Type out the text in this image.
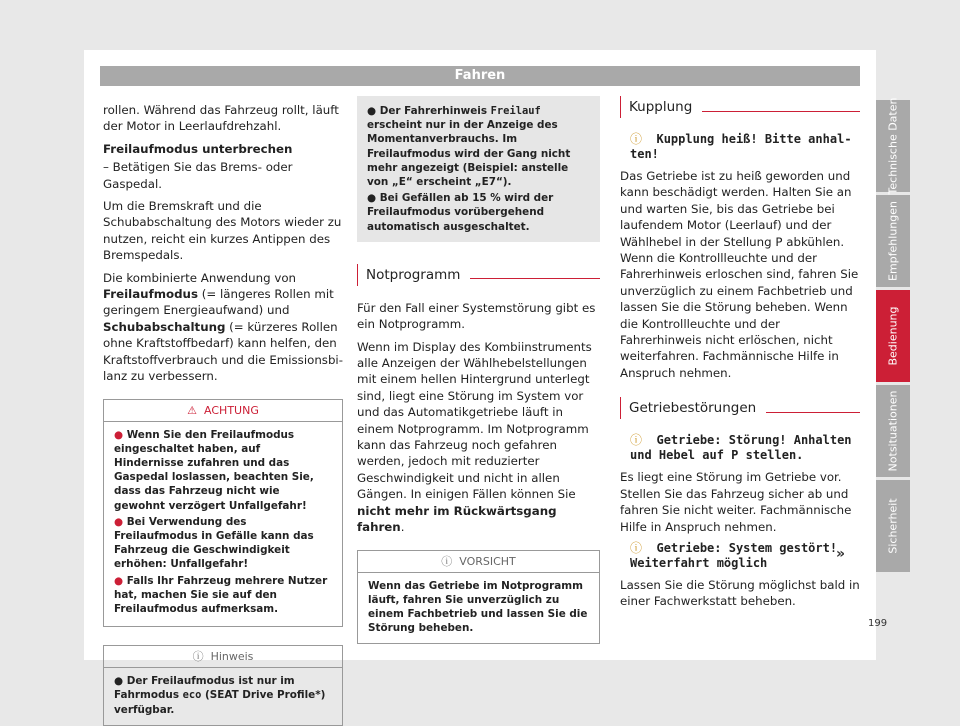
Fahren

rollen. Während das Fahrzeug rollt, läuft der Motor in Leerlaufdrehzahl.

Freilaufmodus unterbrechen

– Betätigen Sie das Brems- oder Gaspedal.

Um die Bremskraft und die Schubabschaltung des Motors wieder zu nutzen, reicht ein kurzes Antippen des Bremspedals.

Die kombinierte Anwendung von Freilaufmodus (= längeres Rollen mit geringem Energieaufwand) und Schubabschaltung (= kürzeres Rollen ohne Kraftstoffbedarf) kann helfen, den Kraftstoffverbrauch und die Emissionsbilanz zu verbessern.

⚠ ACHTUNG
● Wenn Sie den Freilaufmodus eingeschaltet haben, auf Hindernisse zufahren und das Gaspedal loslassen, beachten Sie, dass das Fahrzeug nicht wie gewohnt verzögert Unfallgefahr!
● Bei Verwendung des Freilaufmodus in Gefälle kann das Fahrzeug die Geschwindigkeit erhöhen: Unfallgefahr!
● Falls Ihr Fahrzeug mehrere Nutzer hat, machen Sie sie auf den Freilaufmodus aufmerksam.
ⓘ Hinweis
● Der Freilaufmodus ist nur im Fahrmodus eco (SEAT Drive Profile*) verfügbar.
● Der Fahrerhinweis Freilauf erscheint nur in der Anzeige des Momentanverbrauchs. Im Freilaufmodus wird der Gang nicht mehr angezeigt (Beispiel: anstelle von „E“ erscheint „E7“).
● Bei Gefällen ab 15 % wird der Freilaufmodus vorübergehend automatisch ausgeschaltet.
Notprogramm

Für den Fall einer Systemstörung gibt es ein Notprogramm.

Wenn im Display des Kombiinstruments alle Anzeigen der Wählhebelstellungen mit einem hellen Hintergrund unterlegt sind, liegt eine Störung im System vor und das Automatikgetriebe läuft in einem Notprogramm. Im Notprogramm kann das Fahrzeug noch gefahren werden, jedoch mit reduzierter Geschwindigkeit und nicht in allen Gängen. In einigen Fällen können Sie nicht mehr im Rückwärtsgang fahren.

ⓘ VORSICHT
Wenn das Getriebe im Notprogramm läuft, fahren Sie unverzüglich zu einem Fachbetrieb und lassen Sie die Störung beheben.
Kupplung
ⓘ Kupplung heiß! Bitte anhalten!

Das Getriebe ist zu heiß geworden und kann beschädigt werden. Halten Sie an und warten Sie, bis das Getriebe bei laufendem Motor (Leerlauf) und der Wählhebel in der Stellung P abkühlen. Wenn die Kontrollleuchte und der Fahrerhinweis erloschen sind, fahren Sie unverzüglich zu einem Fachbetrieb und lassen Sie die Störung beheben. Wenn die Kontrollleuchte und der Fahrerhinweis nicht erlöschen, nicht weiterfahren. Fachmännische Hilfe in Anspruch nehmen.

Getriebestörungen
ⓘ Getriebe: Störung! Anhalten und Hebel auf P stellen.

Es liegt eine Störung im Getriebe vor. Stellen Sie das Fahrzeug sicher ab und fahren Sie nicht weiter. Fachmännische Hilfe in Anspruch nehmen.

ⓘ Getriebe: System gestört! Weiterfahrt möglich

Lassen Sie die Störung möglichst bald in einer Fachwerkstatt beheben.

»
Technische Daten
Empfehlungen
Bedienung
Notsituationen
Sicherheit
199
